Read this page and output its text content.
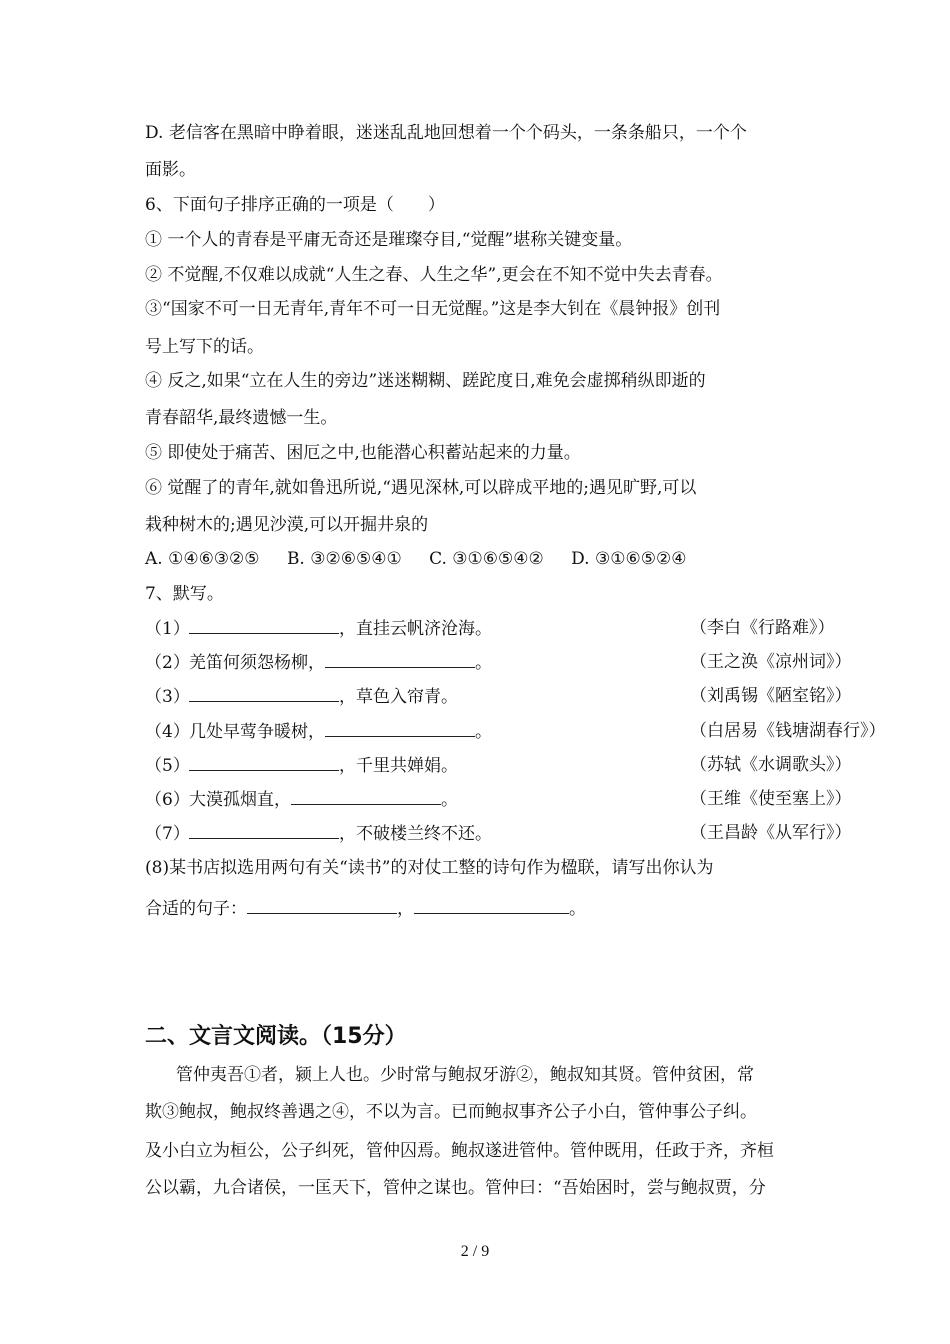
D. 老信客在黑暗中睁着眼，迷迷乱乱地回想着一个个码头，一条条船只，一个个
面影。
6、下面句子排序正确的一项是（　　）
① 一个人的青春是平庸无奇还是璀璨夺目,“觉醒”堪称关键变量。
② 不觉醒,不仅难以成就“人生之春、人生之华”,更会在不知不觉中失去青春。
③“国家不可一日无青年,青年不可一日无觉醒。”这是李大钊在《晨钟报》创刊
号上写下的话。
④ 反之,如果“立在人生的旁边”迷迷糊糊、蹉跎度日,难免会虚掷稍纵即逝的
青春韶华,最终遗憾一生。
⑤ 即使处于痛苦、困厄之中,也能潜心积蓄站起来的力量。
⑥ 觉醒了的青年,就如鲁迅所说,“遇见深林,可以辟成平地的;遇见旷野,可以
栽种树木的;遇见沙漠,可以开掘井泉的
A. ①④⑥③②⑤ B. ③②⑥⑤④① C. ③①⑥⑤④② D. ③①⑥⑤②④
7、默写。
（1）	，直挂云帆济沧海。	（李白《行路难》）
（2）羌笛何须怨杨柳，	。	（王之涣《凉州词》）
（3）	，草色入帘青。	（刘禹锡《陋室铭》）
（4）几处早莺争暖树，	。	（白居易《钱塘湖春行》）
（5）	，千里共婵娟。	（苏轼《水调歌头》）
（6）大漠孤烟直，	。	（王维《使至塞上》）
（7）	，不破楼兰终不还。	（王昌龄《从军行》）
(8)某书店拟选用两句有关“读书”的对仗工整的诗句作为楹联，请写出你认为
合适的句子：	，	。
二、文言文阅读。（15分）
管仲夷吾①者，颍上人也。少时常与鲍叔牙游②，鲍叔知其贤。管仲贫困，常
欺③鲍叔，鲍叔终善遇之④，不以为言。已而鲍叔事齐公子小白，管仲事公子纠。
及小白立为桓公，公子纠死，管仲囚焉。鲍叔遂进管仲。管仲既用，任政于齐，齐桓
公以霸，九合诸侯，一匡天下，管仲之谋也。管仲曰：“吾始困时，尝与鲍叔贾，分
2 / 9
